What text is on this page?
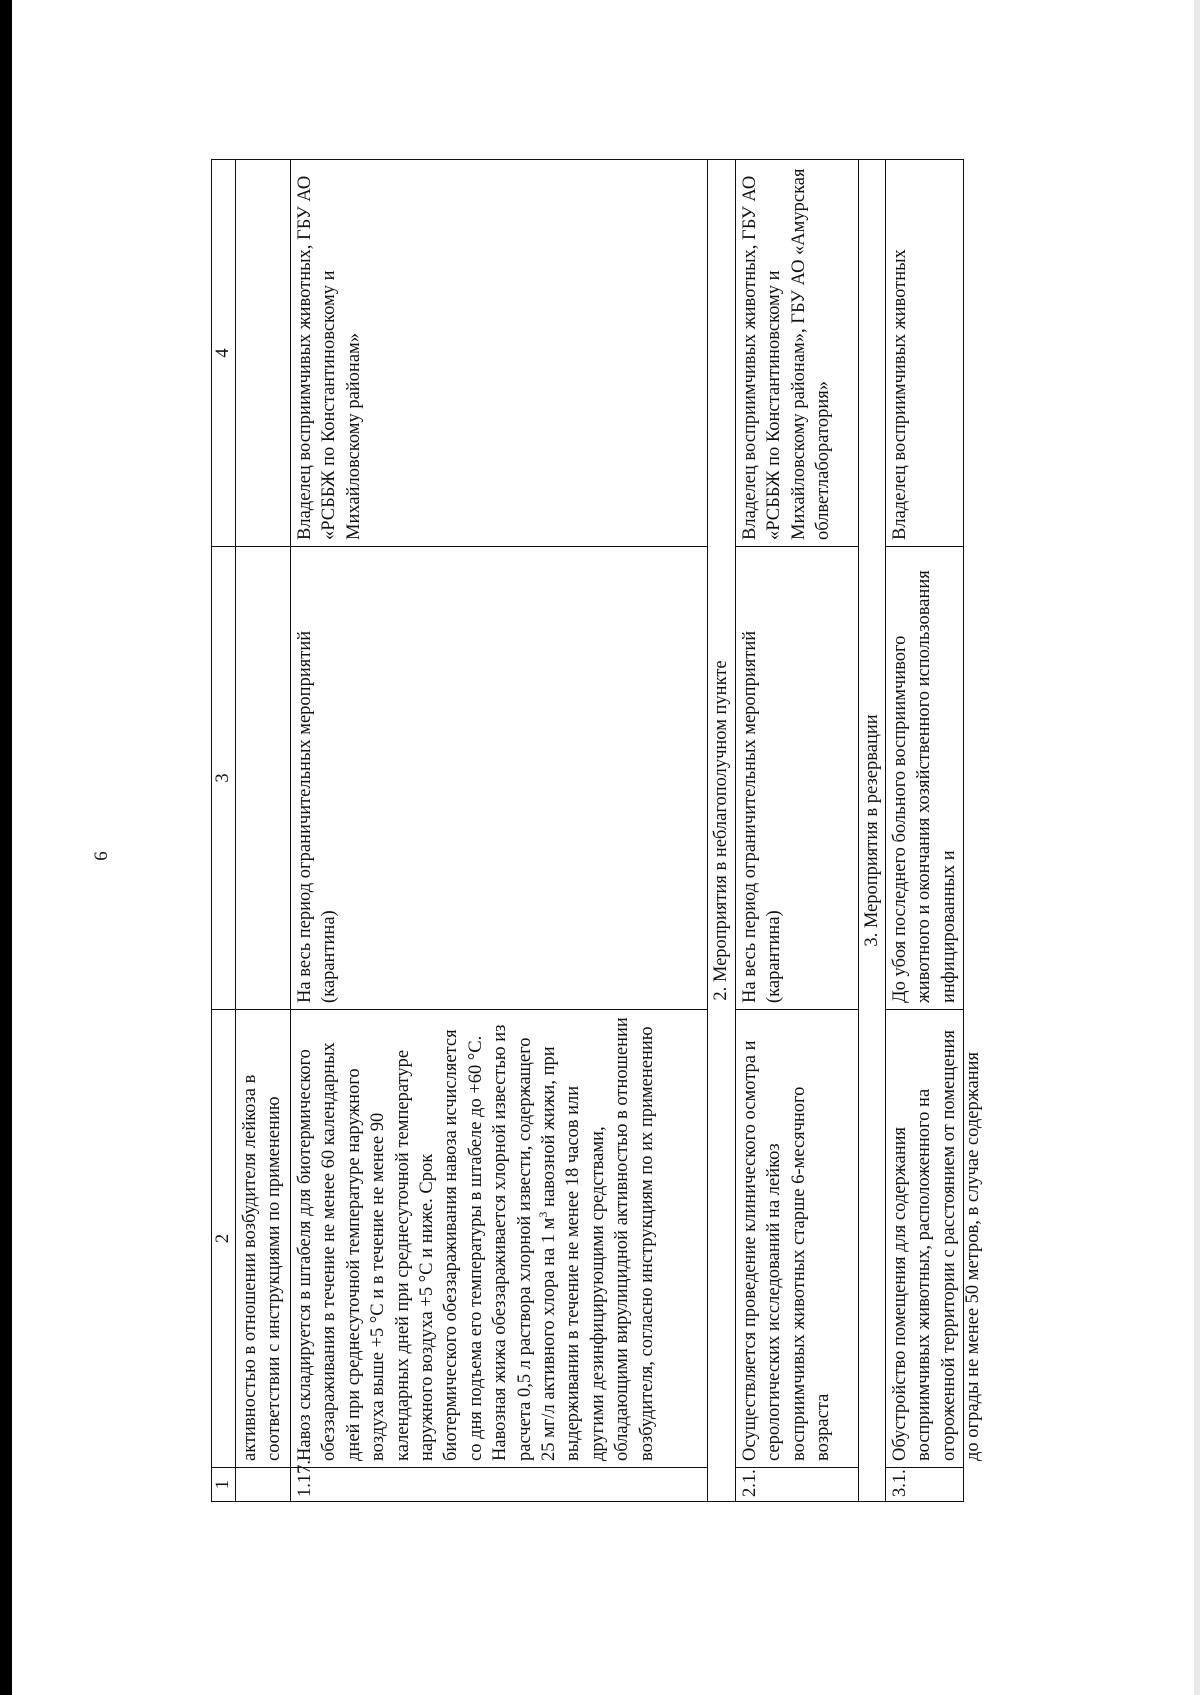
6
1	2	3	4
	активностью в отношении возбудителя лейкоза в соответствии с инструкциями по применению		
1.17.	Навоз складируется в штабеля для биотермического обеззараживания в течение не менее 60 календарных дней при среднесуточной температуре наружного воздуха выше +5 °С и в течение не менее 90 календарных дней при среднесуточной температуре наружного воздуха +5 °С и ниже. Срок биотермического обеззараживания навоза исчисляется со дня подъема его температуры в штабеле до +60 °С. Навозная жижа обеззараживается хлорной известью из расчета 0,5 л раствора хлорной извести, содержащего 25 мг/л активного хлора на 1 $м^3$ навозной жижи, при выдерживании в течение не менее 18 часов или другими дезинфицирующими средствами, обладающими вирулицидной активностью в отношении возбудителя, согласно инструкциям по их применению	На весь период ограничительных мероприятий (карантина)	Владелец восприимчивых животных, ГБУ АО «РСББЖ по Константиновскому и Михайловскому районам»
2. Мероприятия в неблагополучном пункте			
2.1.	Осуществляется проведение клинического осмотра и серологических исследований на лейкоз восприимчивых животных старше 6-месячного возраста	На весь период ограничительных мероприятий (карантина)	Владелец восприимчивых животных, ГБУ АО «РСББЖ по Константиновскому и Михайловскому районам», ГБУ АО «Амурская облветлаборатория»
3. Мероприятия в резервации			

3.1.	Обустройство помещения для содержания восприимчивых животных, расположенного на огороженной территории с расстоянием от помещения до ограды не менее 50 метров, в случае содержания	До убоя последнего больного восприимчивого животного и окончания хозяйственного использования инфицированных и	Владелец восприимчивых животных
